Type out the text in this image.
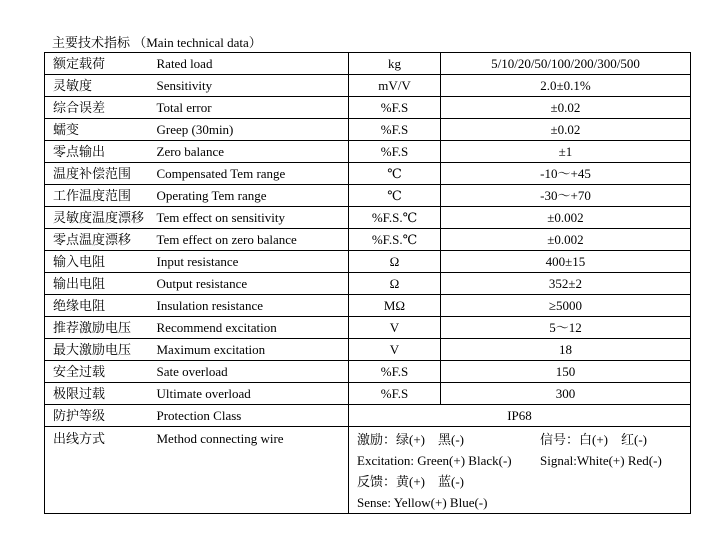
主要技术指标 （Main technical data）
额定载荷	Rated load	kg	5/10/20/50/100/200/300/500
灵敏度	Sensitivity	mV/V	2.0±0.1%
综合误差	Total error	%F.S	±0.02
蠕变	Greep (30min)	%F.S	±0.02
零点输出	Zero balance	%F.S	±1
温度补偿范围	Compensated Tem range	℃	-10～+45
工作温度范围	Operating Tem range	℃	-30～+70
灵敏度温度漂移	Tem effect on sensitivity	%F.S.℃	±0.002
零点温度漂移	Tem effect on zero balance	%F.S.℃	±0.002
输入电阻	Input resistance	Ω	400±15
输出电阻	Output resistance	Ω	352±2
绝缘电阻	Insulation resistance	MΩ	≥5000
推荐激励电压	Recommend excitation	V	5～12
最大激励电压	Maximum excitation	V	18
安全过载	Sate overload	%F.S	150
极限过载	Ultimate overload	%F.S	300
防护等级	Protection Class	IP68	
出线方式	Method connecting wire	激励：绿(+)　黑(-) 信号：白(+)　红(-)
Excitation: Green(+) Black(-) Signal:White(+) Red(-)
反馈：黄(+)　蓝(-)
Sense: Yellow(+) Blue(-)	
